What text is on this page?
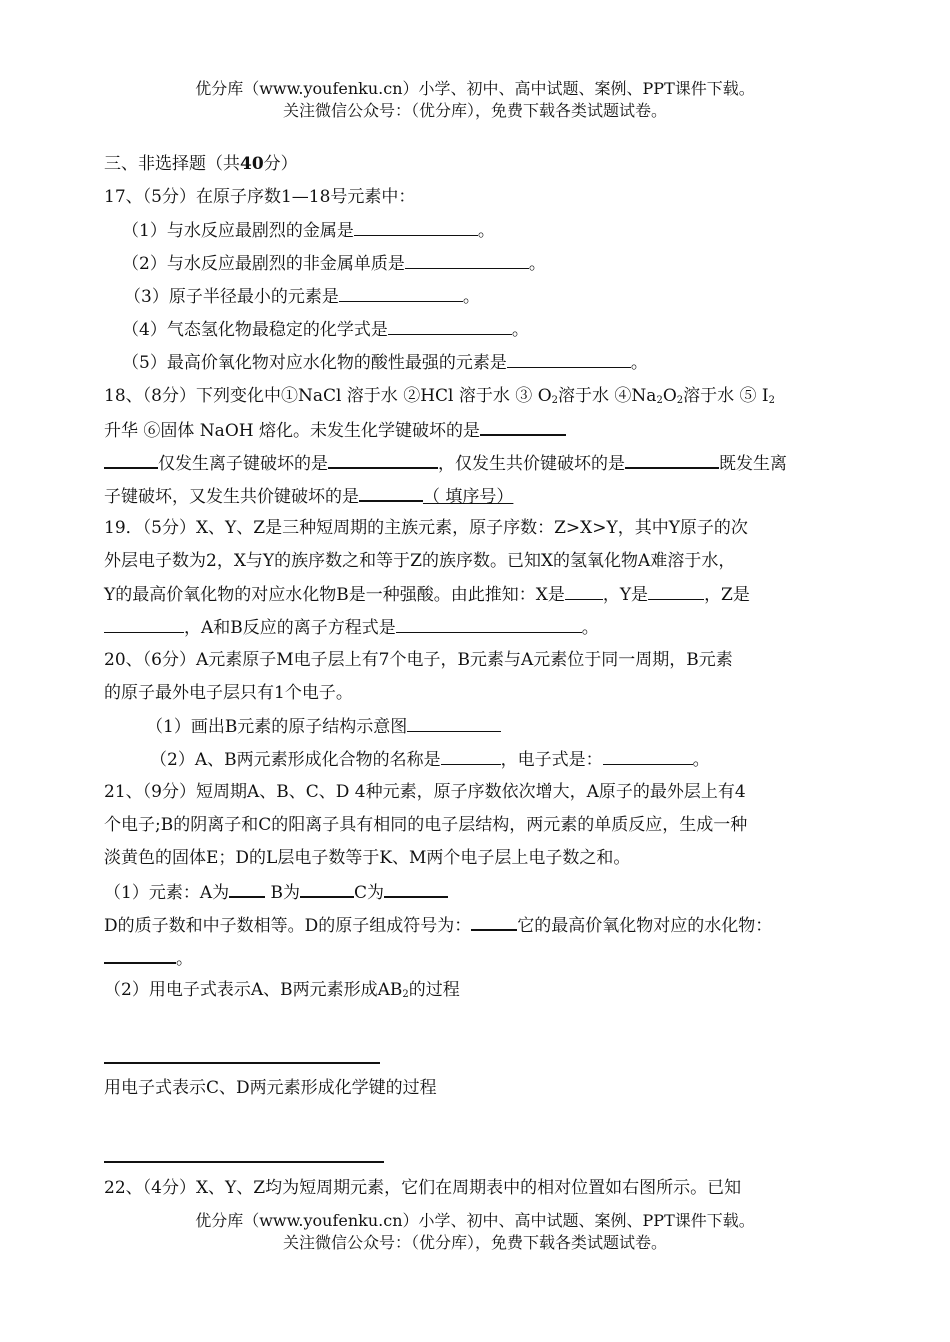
优分库（www.youfenku.cn）小学、初中、高中试题、案例、PPT课件下载。
关注微信公众号：（优分库），免费下载各类试题试卷。
三、非选择题（共40分）
17、（5分）在原子序数1—18号元素中：
（1）与水反应最剧烈的金属是	。
（2）与水反应最剧烈的非金属单质是	。
（3）原子半径最小的元素是	。
（4）气态氢化物最稳定的化学式是	。
（5）最高价氧化物对应水化物的酸性最强的元素是	。
18、（8分）下列变化中①NaCl 溶于水 ②HCl 溶于水 ③ $O_2$溶于水 $④Na_2O_2$溶于水 ⑤ $I_2$
升华 ⑥固体 NaOH 熔化。未发生化学键破坏的是
仅发生离子键破坏的是	，仅发生共价键破坏的是	既发生离
子键破坏，又发生共价键破坏的是	（ 填序号）
19．（5分）X、Y、Z是三种短周期的主族元素，原子序数：Z>X>Y，其中Y原子的次
外层电子数为2，X与Y的族序数之和等于Z的族序数。已知X的氢氧化物A难溶于水，
Y的最高价氧化物的对应水化物B是一种强酸。由此推知：X是 ，Y是	，Z是
，A和B反应的离子方程式是	。
20、（6分）A元素原子M电子层上有7个电子，B元素与A元素位于同一周期，B元素
的原子最外电子层只有1个电子。
（1）画出B元素的原子结构示意图
（2）A、B两元素形成化合物的名称是	，电子式是：	。
21、（9分）短周期A、B、C、D 4种元素，原子序数依次增大，A原子的最外层上有4
个电子;B的阴离子和C的阳离子具有相同的电子层结构，两元素的单质反应，生成一种
淡黄色的固体E；D的L层电子数等于K、M两个电子层上电子数之和。
（1）元素：A为 B为	C为
D的质子数和中子数相等。D的原子组成符号为：	它的最高价氧化物对应的水化物：
。
（2）用电子式表示A、B两元素形成$AB_2$的过程
用电子式表示C、D两元素形成化学键的过程
22、（4分）X、Y、Z均为短周期元素，它们在周期表中的相对位置如右图所示。已知
优分库（www.youfenku.cn）小学、初中、高中试题、案例、PPT课件下载。
关注微信公众号：（优分库），免费下载各类试题试卷。
